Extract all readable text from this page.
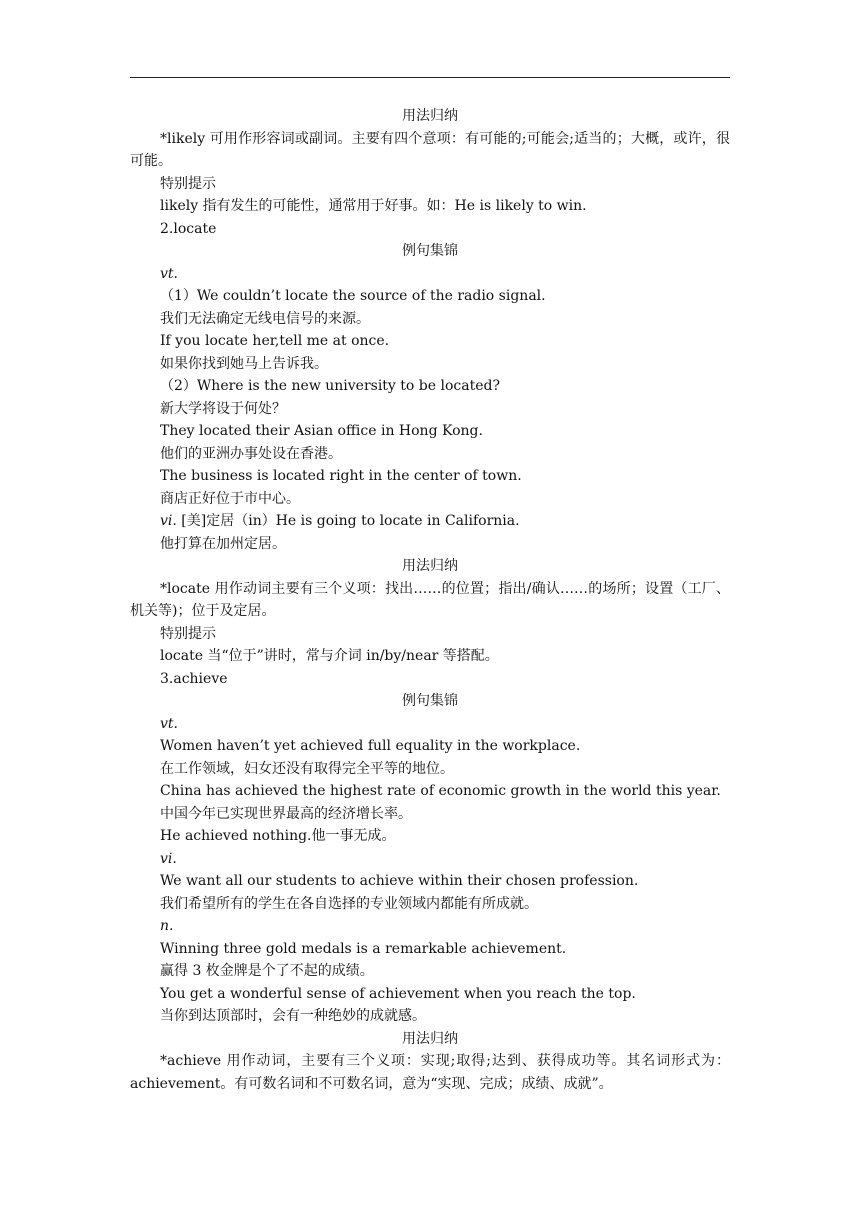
用法归纳

*likely 可用作形容词或副词。主要有四个意项：有可能的;可能会;适当的；大概，或许，很可能。

特别提示

likely 指有发生的可能性，通常用于好事。如：He is likely to win.

2.locate

例句集锦

vt.

（1）We couldn’t locate the source of the radio signal.

我们无法确定无线电信号的来源。

If you locate her,tell me at once.

如果你找到她马上告诉我。

（2）Where is the new university to be located?

新大学将设于何处？

They located their Asian office in Hong Kong.

他们的亚洲办事处设在香港。

The business is located right in the center of town.

商店正好位于市中心。

vi. [美]定居（in）He is going to locate in California.

他打算在加州定居。

用法归纳

*locate 用作动词主要有三个义项：找出……的位置；指出/确认……的场所；设置（工厂、机关等)；位于及定居。

特别提示

locate 当“位于”讲时，常与介词 in/by/near 等搭配。

3.achieve

例句集锦

vt.

Women haven’t yet achieved full equality in the workplace.

在工作领域，妇女还没有取得完全平等的地位。

China has achieved the highest rate of economic growth in the world this year.

中国今年已实现世界最高的经济增长率。

He achieved nothing.他一事无成。

vi.

We want all our students to achieve within their chosen profession.

我们希望所有的学生在各自选择的专业领域内都能有所成就。

n.

Winning three gold medals is a remarkable achievement.

赢得 3 枚金牌是个了不起的成绩。

You get a wonderful sense of achievement when you reach the top.

当你到达顶部时，会有一种绝妙的成就感。

用法归纳

*achieve 用作动词，主要有三个义项：实现;取得;达到、获得成功等。其名词形式为：achievement。有可数名词和不可数名词，意为“实现、完成；成绩、成就”。
